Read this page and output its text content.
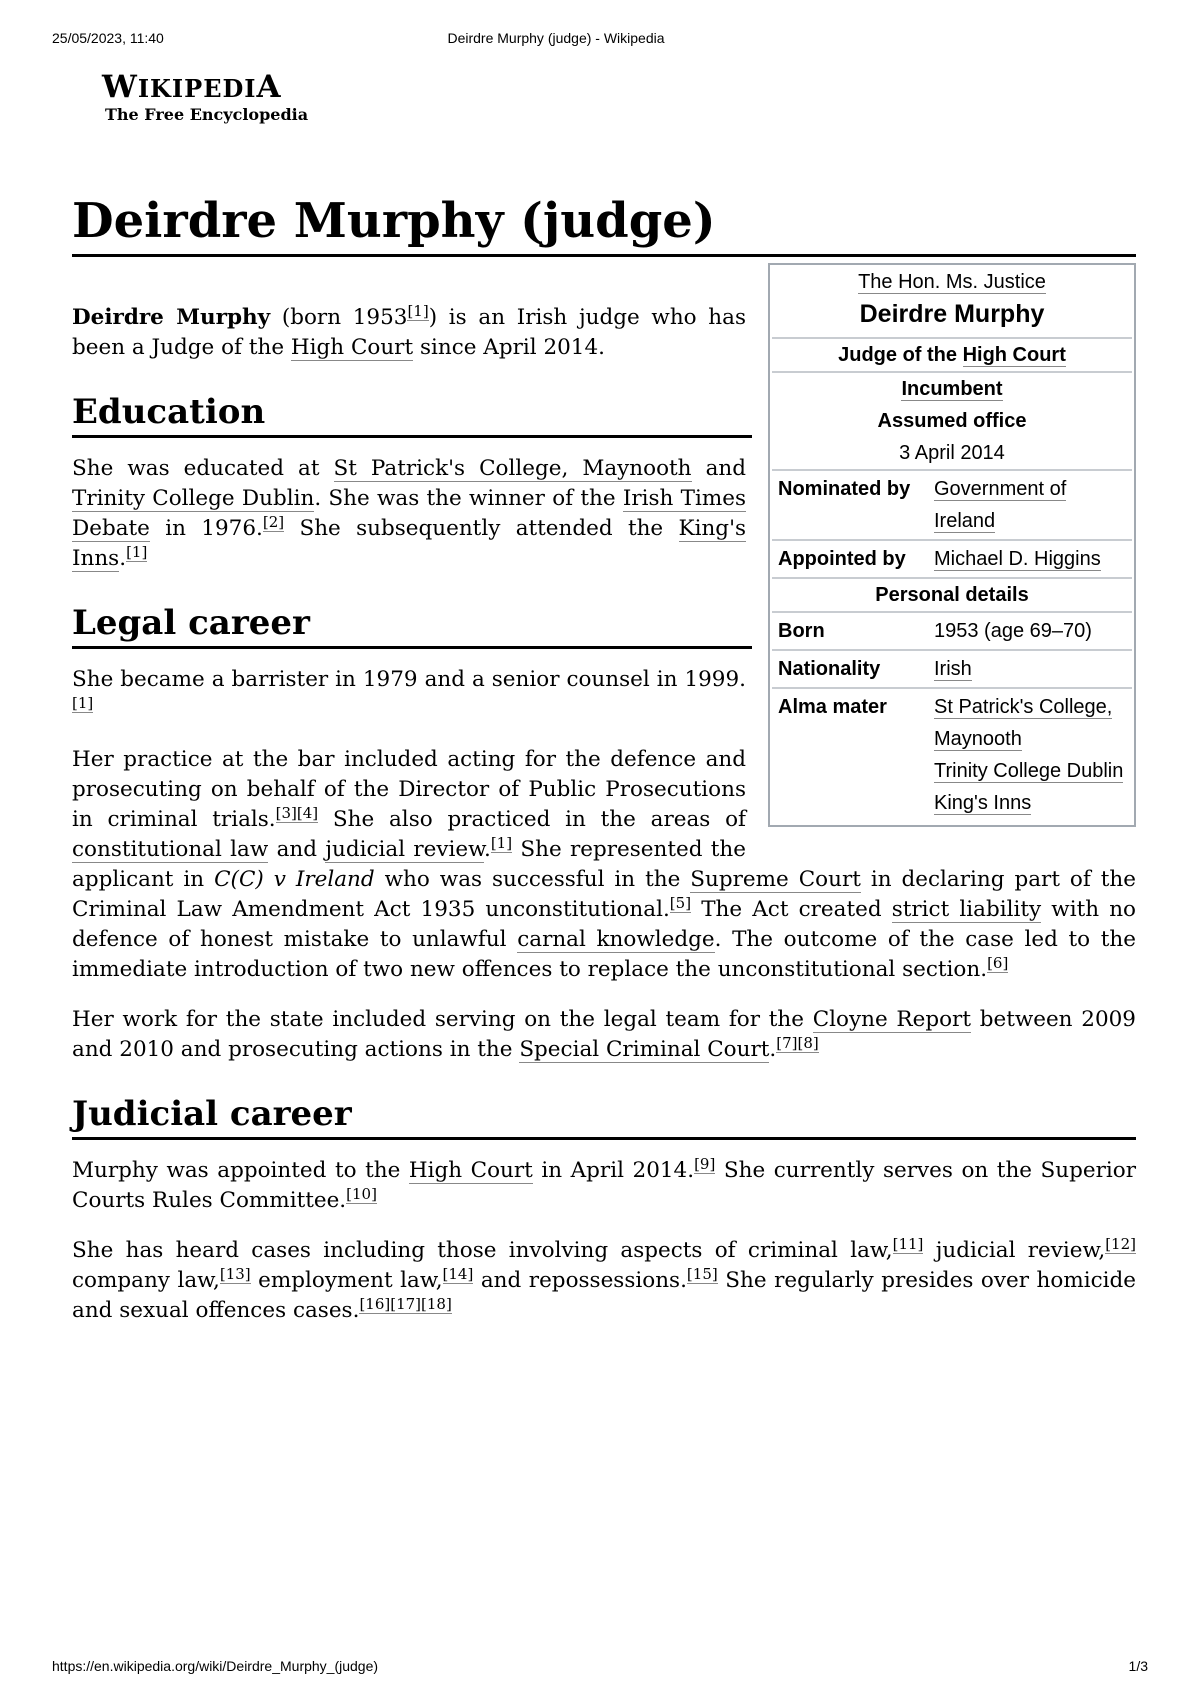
25/05/2023, 11:40	Deirdre Murphy (judge) - Wikipedia
WIKIPEDIA
The Free Encyclopedia
Deirdre Murphy (judge)
The Hon. Ms. Justice
Deirdre Murphy
Judge of the High Court
Incumbent
Assumed office
3 April 2014
Nominated by	Government of Ireland
Appointed by	Michael D. Higgins
Personal details
Born	1953 (age 69–70)
Nationality	Irish
Alma mater	St Patrick's College, Maynooth
Trinity College Dublin
King's Inns

Deirdre Murphy (born 1953[1]) is an Irish judge who has been a Judge of the High Court since April 2014.

Education

She was educated at St Patrick's College, Maynooth and Trinity College Dublin. She was the winner of the Irish Times Debate in 1976.[2] She subsequently attended the King's Inns.[1]

Legal career

She became a barrister in 1979 and a senior counsel in 1999.[1]

Her practice at the bar included acting for the defence and prosecuting on behalf of the Director of Public Prosecutions in criminal trials.[3][4] She also practiced in the areas of constitutional law and judicial review.[1] She represented the applicant in C(C) v Ireland who was successful in the Supreme Court in declaring part of the Criminal Law Amendment Act 1935 unconstitutional.[5] The Act created strict liability with no defence of honest mistake to unlawful carnal knowledge. The outcome of the case led to the immediate introduction of two new offences to replace the unconstitutional section.[6]

Her work for the state included serving on the legal team for the Cloyne Report between 2009 and 2010 and prosecuting actions in the Special Criminal Court.[7][8]

Judicial career

Murphy was appointed to the High Court in April 2014.[9] She currently serves on the Superior Courts Rules Committee.[10]

She has heard cases including those involving aspects of criminal law,[11] judicial review,[12] company law,[13] employment law,[14] and repossessions.[15] She regularly presides over homicide and sexual offences cases.[16][17][18]

https://en.wikipedia.org/wiki/Deirdre_Murphy_(judge)	1/3
